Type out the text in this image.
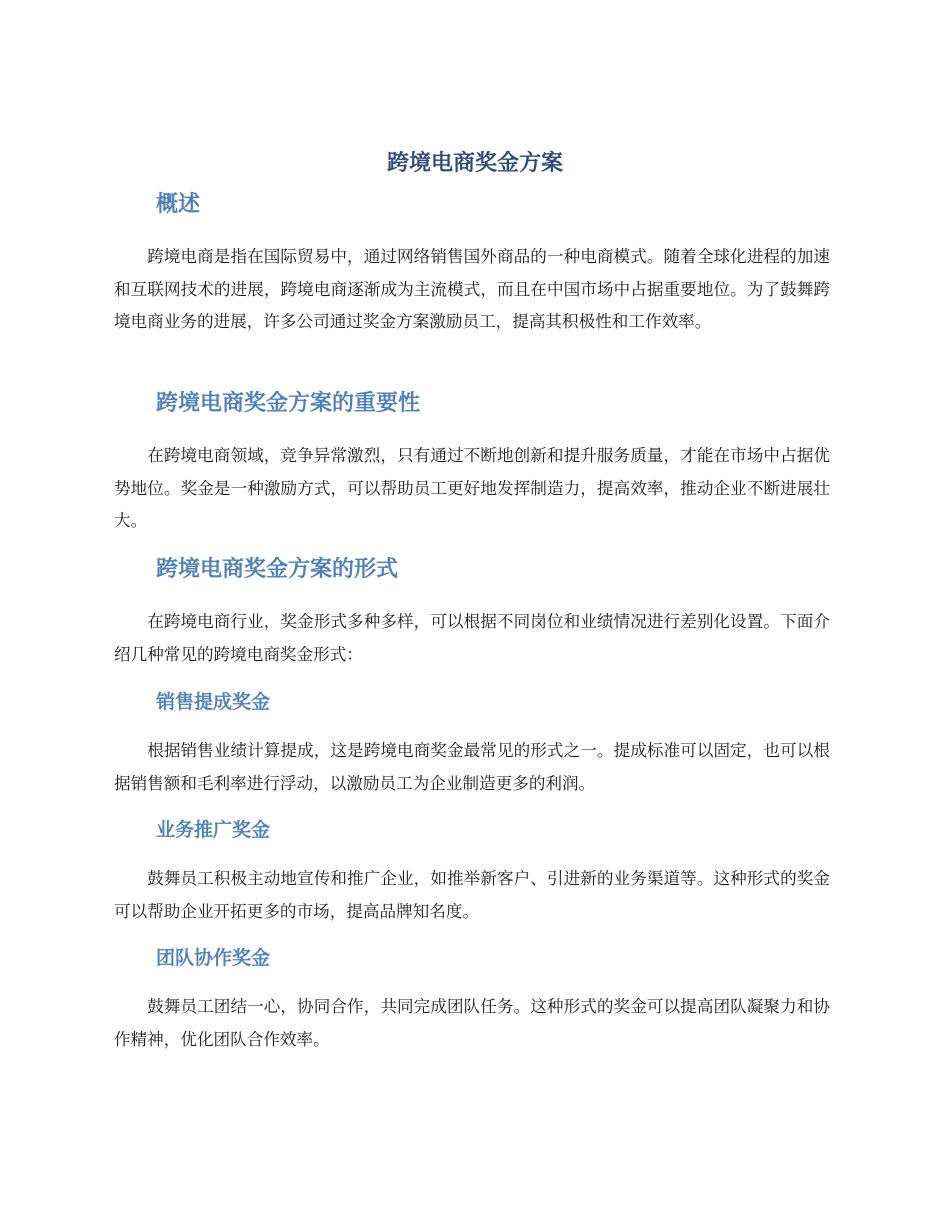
跨境电商奖金方案
概述

跨境电商是指在国际贸易中，通过网络销售国外商品的一种电商模式。随着全球化进程的加速和互联网技术的进展，跨境电商逐渐成为主流模式，而且在中国市场中占据重要地位。为了鼓舞跨境电商业务的进展，许多公司通过奖金方案激励员工，提高其积极性和工作效率。

跨境电商奖金方案的重要性

在跨境电商领域，竞争异常激烈，只有通过不断地创新和提升服务质量，才能在市场中占据优势地位。奖金是一种激励方式，可以帮助员工更好地发挥制造力，提高效率，推动企业不断进展壮大。

跨境电商奖金方案的形式

在跨境电商行业，奖金形式多种多样，可以根据不同岗位和业绩情况进行差别化设置。下面介绍几种常见的跨境电商奖金形式：

销售提成奖金

根据销售业绩计算提成，这是跨境电商奖金最常见的形式之一。提成标准可以固定，也可以根据销售额和毛利率进行浮动，以激励员工为企业制造更多的利润。

业务推广奖金

鼓舞员工积极主动地宣传和推广企业，如推举新客户、引进新的业务渠道等。这种形式的奖金可以帮助企业开拓更多的市场，提高品牌知名度。

团队协作奖金

鼓舞员工团结一心，协同合作，共同完成团队任务。这种形式的奖金可以提高团队凝聚力和协作精神，优化团队合作效率。
